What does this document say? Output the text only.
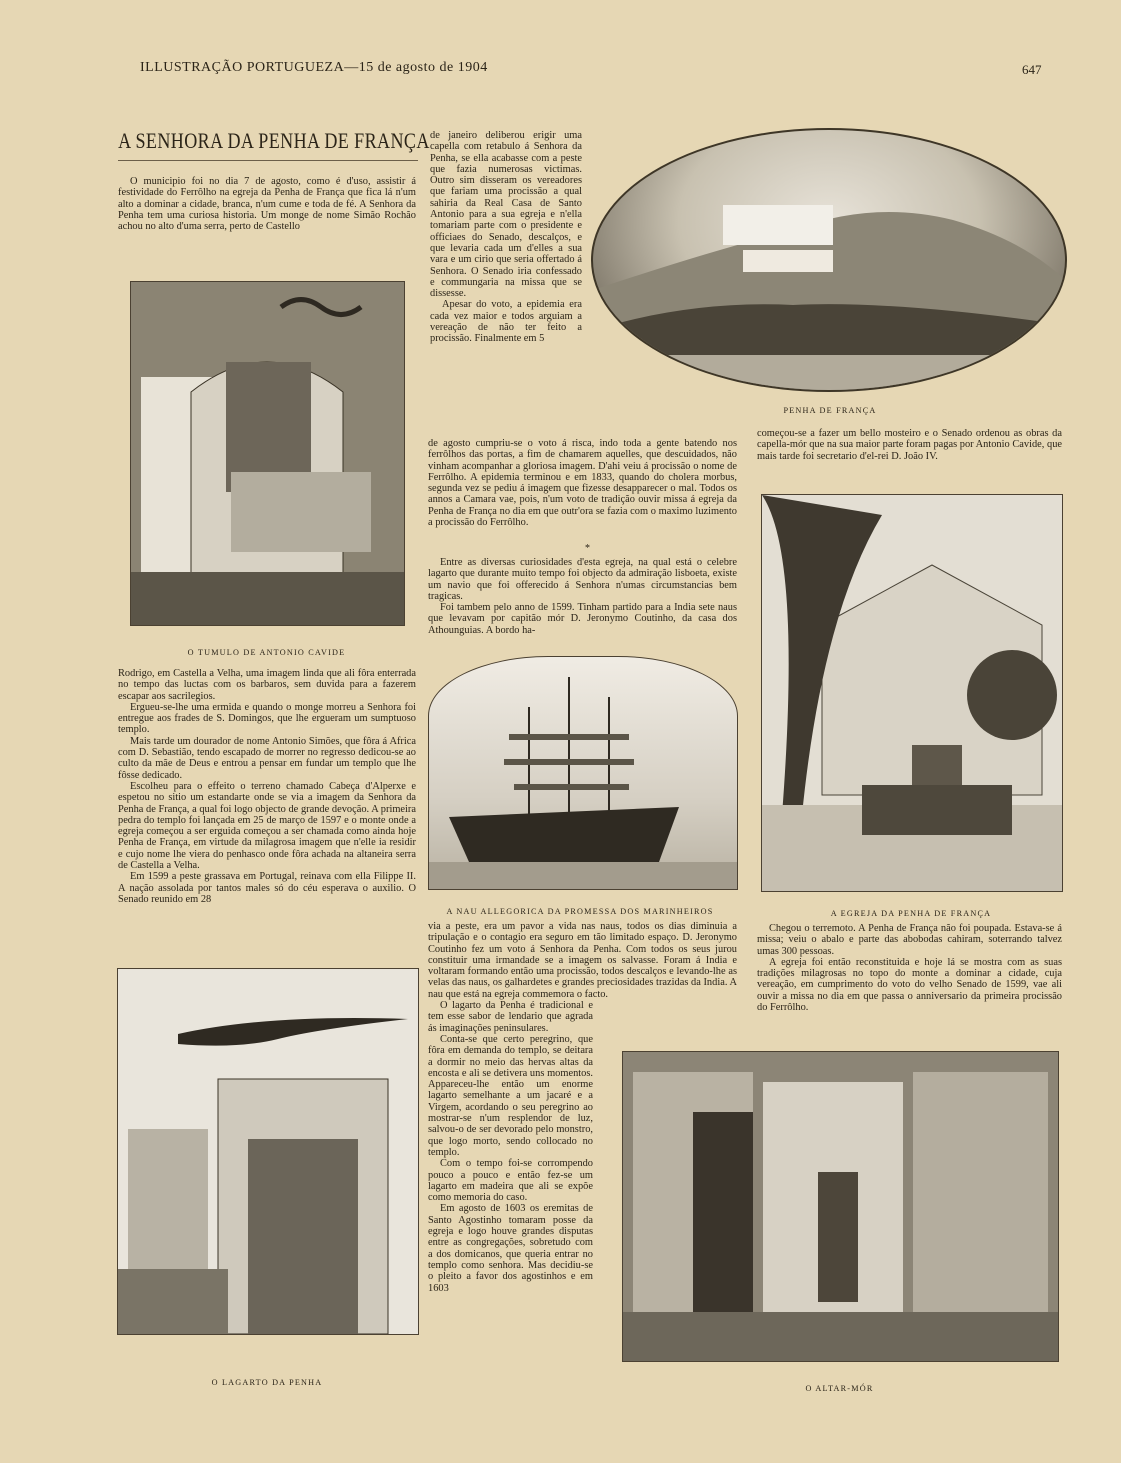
ILLUSTRAÇÃO PORTUGUEZA—15 de agosto de 1904	647
A SENHORA DA PENHA DE FRANÇA

O municipio foi no dia 7 de agosto, como é d'uso, assistir á festividade do Ferrôlho na egreja da Penha de França que fica lá n'um alto a dominar a cidade, branca, n'um cume e toda de fé. A Senhora da Penha tem uma curiosa historia. Um monge de nome Simão Rochão achou no alto d'uma serra, perto de Castello

O TUMULO DE ANTONIO CAVIDE

Rodrigo, em Castella a Velha, uma imagem linda que ali fôra enterrada no tempo das luctas com os barbaros, sem duvida para a fazerem escapar aos sacrilegios.

Ergueu-se-lhe uma ermida e quando o monge morreu a Senhora foi entregue aos frades de S. Domingos, que lhe ergueram um sumptuoso templo.

Mais tarde um dourador de nome Antonio Simões, que fôra á Africa com D. Sebastião, tendo escapado de morrer no regresso dedicou-se ao culto da mãe de Deus e entrou a pensar em fundar um templo que lhe fôsse dedicado.

Escolheu para o effeito o terreno chamado Cabeça d'Alperxe e espetou no sitio um estandarte onde se via a imagem da Senhora da Penha de França, a qual foi logo objecto de grande devoção. A primeira pedra do templo foi lançada em 25 de março de 1597 e o monte onde a egreja começou a ser erguida começou a ser chamada como ainda hoje Penha de França, em virtude da milagrosa imagem que n'elle ia residir e cujo nome lhe viera do penhasco onde fôra achada na altaneira serra de Castella a Velha.

Em 1599 a peste grassava em Portugal, reinava com ella Filippe II. A nação assolada por tantos males só do céu esperava o auxilio. O Senado reunido em 28

O LAGARTO DA PENHA

de janeiro deliberou erigir uma capella com retabulo á Senhora da Penha, se ella acabasse com a peste que fazia numerosas victimas. Outro sim disseram os vereadores que fariam uma procissão a qual sahiria da Real Casa de Santo Antonio para a sua egreja e n'ella tomariam parte com o presidente e officiaes do Senado, descalços, e que levaria cada um d'elles a sua vara e um cirio que seria offertado á Senhora. O Senado iria confessado e commungaria na missa que se dissesse.

Apesar do voto, a epidemia era cada vez maior e todos arguiam a vereação de não ter feito a procissão. Finalmente em 5

PENHA DE FRANÇA

de agosto cumpriu-se o voto á risca, indo toda a gente batendo nos ferrôlhos das portas, a fim de chamarem aquelles, que descuidados, não vinham acompanhar a gloriosa imagem. D'ahi veiu á procissão o nome de Ferrôlho. A epidemia terminou e em 1833, quando do cholera morbus, segunda vez se pediu á imagem que fizesse desapparecer o mal. Todos os annos a Camara vae, pois, n'um voto de tradição ouvir missa á egreja da Penha de França no dia em que outr'ora se fazia com o maximo luzimento a procissão do Ferrôlho.

*

Entre as diversas curiosidades d'esta egreja, na qual está o celebre lagarto que durante muito tempo foi objecto da admiração lisboeta, existe um navio que foi offerecido á Senhora n'umas circumstancias bem tragicas.

Foi tambem pelo anno de 1599. Tinham partido para a India sete naus que levavam por capitão mór D. Jeronymo Coutinho, da casa dos Athounguias. A bordo ha-

A NAU ALLEGORICA DA PROMESSA DOS MARINHEIROS

via a peste, era um pavor a vida nas naus, todos os dias diminuia a tripulação e o contagio era seguro em tão limitado espaço. D. Jeronymo Coutinho fez um voto á Senhora da Penha. Com todos os seus jurou constituir uma irmandade se a imagem os salvasse. Foram á India e voltaram formando então uma procissão, todos descalços e levando-lhe as velas das naus, os galhardetes e grandes preciosidades trazidas da India. A nau que está na egreja commemora o facto.

O lagarto da Penha é tradicional e tem esse sabor de lendario que agrada ás imaginações peninsulares.

Conta-se que certo peregrino, que fôra em demanda do templo, se deitara a dormir no meio das hervas altas da encosta e ali se detivera uns momentos. Appareceu-lhe então um enorme lagarto semelhante a um jacaré e a Virgem, acordando o seu peregrino ao mostrar-se n'um resplendor de luz, salvou-o de ser devorado pelo monstro, que logo morto, sendo collocado no templo.

Com o tempo foi-se corrompendo pouco a pouco e então fez-se um lagarto em madeira que ali se expõe como memoria do caso.

Em agosto de 1603 os eremitas de Santo Agostinho tomaram posse da egreja e logo houve grandes disputas entre as congregações, sobretudo com a dos domicanos, que queria entrar no templo como senhora. Mas decidiu-se o pleito a favor dos agostinhos e em 1603

começou-se a fazer um bello mosteiro e o Senado ordenou as obras da capella-mór que na sua maior parte foram pagas por Antonio Cavide, que mais tarde foi secretario d'el-rei D. João IV.

A EGREJA DA PENHA DE FRANÇA

Chegou o terremoto. A Penha de França não foi poupada. Estava-se á missa; veiu o abalo e parte das abobodas cahiram, soterrando talvez umas 300 pessoas.

A egreja foi então reconstituida e hoje lá se mostra com as suas tradições milagrosas no topo do monte a dominar a cidade, cuja vereação, em cumprimento do voto do velho Senado de 1599, vae ali ouvir a missa no dia em que passa o anniversario da primeira procissão do Ferrôlho.

O ALTAR-MÓR
